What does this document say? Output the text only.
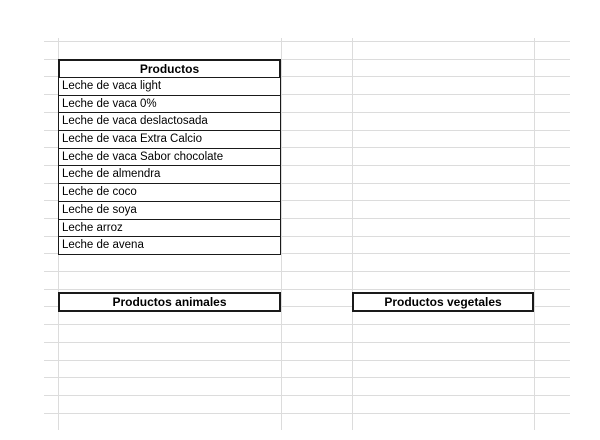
Productos
Leche de vaca light
Leche de vaca 0%
Leche de vaca deslactosada
Leche de vaca Extra Calcio
Leche de vaca Sabor chocolate
Leche de almendra
Leche de coco
Leche de soya
Leche arroz
Leche de avena
Productos animales	Productos vegetales
